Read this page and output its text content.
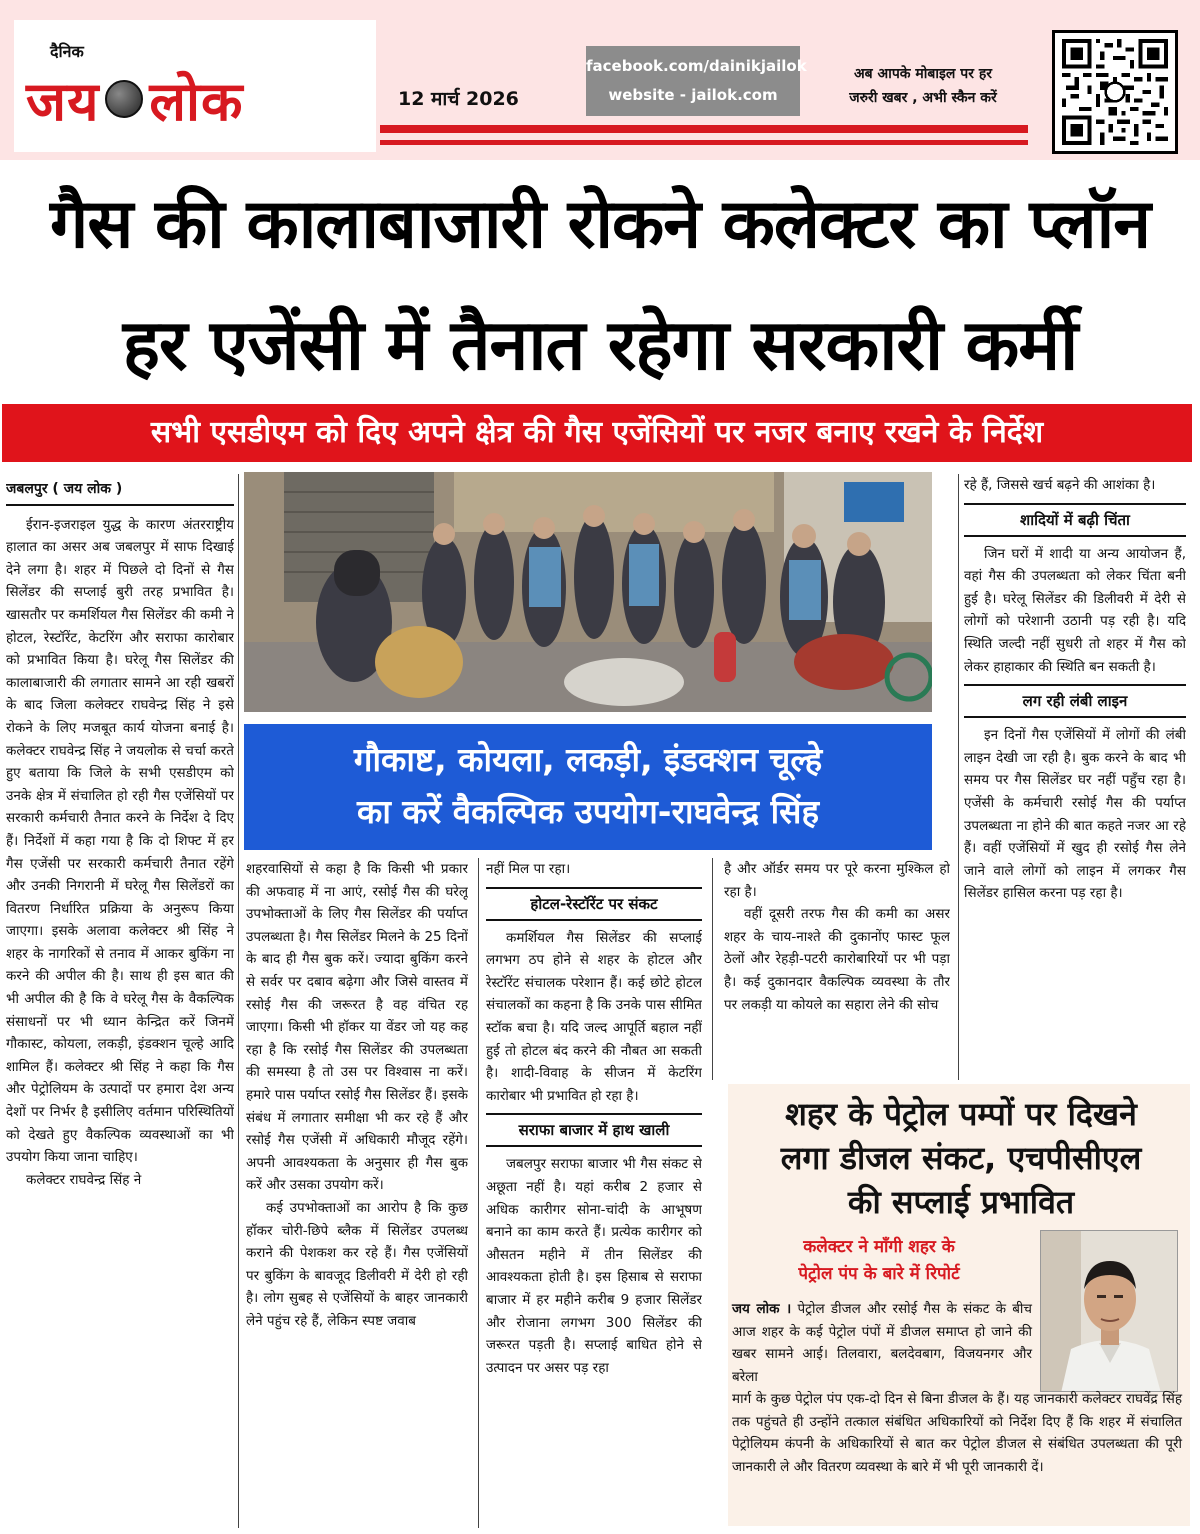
दैनिक
जय लोक	12 मार्च 2026
facebook.com/dainikjailok
website - jailok.com
अब आपके मोबाइल पर हर
जरुरी खबर , अभी स्कैन करें
गैस की कालाबाजारी रोकने कलेक्टर का प्लॉन
हर एजेंसी में तैनात रहेगा सरकारी कर्मी
सभी एसडीएम को दिए अपने क्षेत्र की गैस एजेंसियों पर नजर बनाए रखने के निर्देश
जबलपुर ( जय लोक )

ईरान-इजराइल युद्ध के कारण अंतरराष्ट्रीय हालात का असर अब जबलपुर में साफ दिखाई देने लगा है। शहर में पिछले दो दिनों से गैस सिलेंडर की सप्लाई बुरी तरह प्रभावित है। खासतौर पर कमर्शियल गैस सिलेंडर की कमी ने होटल, रेस्टॉरेंट, केटरिंग और सराफा कारोबार को प्रभावित किया है। घरेलू गैस सिलेंडर की कालाबाजारी की लगातार सामने आ रही खबरों के बाद जिला कलेक्टर राघवेन्द्र सिंह ने इसे रोकने के लिए मजबूत कार्य योजना बनाई है। कलेक्टर राघवेन्द्र सिंह ने जयलोक से चर्चा करते हुए बताया कि जिले के सभी एसडीएम को उनके क्षेत्र में संचालित हो रही गैस एजेंसियों पर सरकारी कर्मचारी तैनात करने के निर्देश दे दिए हैं। निर्देशों में कहा गया है कि दो शिफ्ट में हर गैस एजेंसी पर सरकारी कर्मचारी तैनात रहेंगे और उनकी निगरानी में घरेलू गैस सिलेंडरों का वितरण निर्धारित प्रक्रिया के अनुरूप किया जाएगा। इसके अलावा कलेक्टर श्री सिंह ने शहर के नागरिकों से तनाव में आकर बुकिंग ना करने की अपील की है। साथ ही इस बात की भी अपील की है कि वे घरेलू गैस के वैकल्पिक संसाधनों पर भी ध्यान केन्द्रित करें जिनमें गौकास्ट, कोयला, लकड़ी, इंडक्शन चूल्हे आदि शामिल हैं। कलेक्टर श्री सिंह ने कहा कि गैस और पेट्रोलियम के उत्पादों पर हमारा देश अन्य देशों पर निर्भर है इसीलिए वर्तमान परिस्थितियों को देखते हुए वैकल्पिक व्यवस्थाओं का भी उपयोग किया जाना चाहिए।

कलेक्टर राघवेन्द्र सिंह ने

गौकाष्ट, कोयला, लकड़ी, इंडक्शन चूल्हे
का करें वैकल्पिक उपयोग-राघवेन्द्र सिंह

शहरवासियों से कहा है कि किसी भी प्रकार की अफवाह में ना आएं, रसोई गैस की घरेलू उपभोक्ताओं के लिए गैस सिलेंडर की पर्याप्त उपलब्धता है। गैस सिलेंडर मिलने के 25 दिनों के बाद ही गैस बुक करें। ज्यादा बुकिंग करने से सर्वर पर दबाव बढ़ेगा और जिसे वास्तव में रसोई गैस की जरूरत है वह वंचित रह जाएगा। किसी भी हॉकर या वेंडर जो यह कह रहा है कि रसोई गैस सिलेंडर की उपलब्धता की समस्या है तो उस पर विश्वास ना करें। हमारे पास पर्याप्त रसोई गैस सिलेंडर हैं। इसके संबंध में लगातार समीक्षा भी कर रहे हैं और रसोई गैस एजेंसी में अधिकारी मौजूद रहेंगे। अपनी आवश्यकता के अनुसार ही गैस बुक करें और उसका उपयोग करें।

कई उपभोक्ताओं का आरोप है कि कुछ हॉकर चोरी-छिपे ब्लैक में सिलेंडर उपलब्ध कराने की पेशकश कर रहे हैं। गैस एजेंसियों पर बुकिंग के बावजूद डिलीवरी में देरी हो रही है। लोग सुबह से एजेंसियों के बाहर जानकारी लेने पहुंच रहे हैं, लेकिन स्पष्ट जवाब

नहीं मिल पा रहा।

होटल-रेस्टॉरेंट पर संकट

कमर्शियल गैस सिलेंडर की सप्लाई लगभग ठप होने से शहर के होटल और रेस्टॉरेंट संचालक परेशान हैं। कई छोटे होटल संचालकों का कहना है कि उनके पास सीमित स्टॉक बचा है। यदि जल्द आपूर्ति बहाल नहीं हुई तो होटल बंद करने की नौबत आ सकती है। शादी-विवाह के सीजन में केटरिंग कारोबार भी प्रभावित हो रहा है।

सराफा बाजार में हाथ खाली

जबलपुर सराफा बाजार भी गैस संकट से अछूता नहीं है। यहां करीब 2 हजार से अधिक कारीगर सोना-चांदी के आभूषण बनाने का काम करते हैं। प्रत्येक कारीगर को औसतन महीने में तीन सिलेंडर की आवश्यकता होती है। इस हिसाब से सराफा बाजार में हर महीने करीब 9 हजार सिलेंडर और रोजाना लगभग 300 सिलेंडर की जरूरत पड़ती है। सप्लाई बाधित होने से उत्पादन पर असर पड़ रहा

है और ऑर्डर समय पर पूरे करना मुश्किल हो रहा है।

वहीं दूसरी तरफ गैस की कमी का असर शहर के चाय-नाश्ते की दुकानोंए फास्ट फूल ठेलों और रेहड़ी-पटरी कारोबारियों पर भी पड़ा है। कई दुकानदार वैकल्पिक व्यवस्था के तौर पर लकड़ी या कोयले का सहारा लेने की सोच

रहे हैं, जिससे खर्च बढ़ने की आशंका है।

शादियों में बढ़ी चिंता

जिन घरों में शादी या अन्य आयोजन हैं, वहां गैस की उपलब्धता को लेकर चिंता बनी हुई है। घरेलू सिलेंडर की डिलीवरी में देरी से लोगों को परेशानी उठानी पड़ रही है। यदि स्थिति जल्दी नहीं सुधरी तो शहर में गैस को लेकर हाहाकार की स्थिति बन सकती है।

लग रही लंबी लाइन

इन दिनों गैस एजेंसियों में लोगों की लंबी लाइन देखी जा रही है। बुक करने के बाद भी समय पर गैस सिलेंडर घर नहीं पहुँच रहा है। एजेंसी के कर्मचारी रसोई गैस की पर्याप्त उपलब्धता ना होने की बात कहते नजर आ रहे हैं। वहीं एजेंसियों में खुद ही रसोई गैस लेने जाने वाले लोगों को लाइन में लगकर गैस सिलेंडर हासिल करना पड़ रहा है।

शहर के पेट्रोल पम्पों पर दिखने
लगा डीजल संकट, एचपीसीएल
की सप्लाई प्रभावित
कलेक्टर ने माँगी शहर के
पेट्रोल पंप के बारे में रिपोर्ट
जय लोक । पेट्रोल डीजल और रसोई गैस के संकट के बीच आज शहर के कई पेट्रोल पंपों में डीजल समाप्त हो जाने की खबर सामने आई। तिलवारा, बलदेवबाग, विजयनगर और बरेला
मार्ग के कुछ पेट्रोल पंप एक-दो दिन से बिना डीजल के हैं। यह जानकारी कलेक्टर राघवेंद्र सिंह तक पहुंचते ही उन्होंने तत्काल संबंधित अधिकारियों को निर्देश दिए हैं कि शहर में संचालित पेट्रोलियम कंपनी के अधिकारियों से बात कर पेट्रोल डीजल से संबंधित उपलब्धता की पूरी जानकारी ले और वितरण व्यवस्था के बारे में भी पूरी जानकारी दें।
